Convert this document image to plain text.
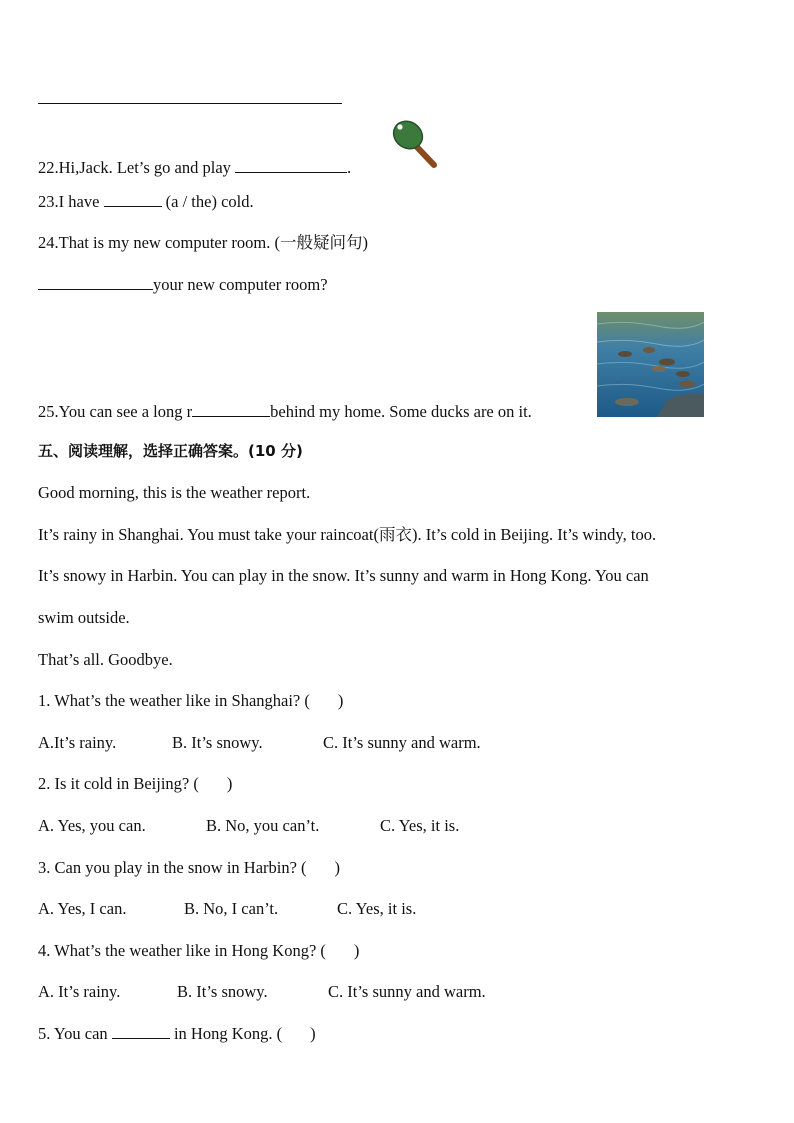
22.Hi,Jack. Let’s go and play	.
23.I have	(a / the) cold.
24.That is my new computer room. (一般疑问句)
your new computer room?
25.You can see a long r	behind my home. Some ducks are on it.
五、阅读理解，选择正确答案。(10 分)
Good morning, this is the weather report.
It’s rainy in Shanghai. You must take your raincoat(雨衣). It’s cold in Beijing. It’s windy, too.
It’s snowy in Harbin. You can play in the snow. It’s sunny and warm in Hong Kong. You can
swim outside.
That’s all. Goodbye.
1. What’s the weather like in Shanghai? ( )
A.It’s rainy.	B. It’s snowy.	C. It’s sunny and warm.
2. Is it cold in Beijing? ( )
A. Yes, you can.	B. No, you can’t.	C. Yes, it is.
3. Can you play in the snow in Harbin? ( )
A. Yes, I can.	B. No, I can’t.	C. Yes, it is.
4. What’s the weather like in Hong Kong? ( )
A. It’s rainy.	B. It’s snowy.	C. It’s sunny and warm.
5. You can	in Hong Kong. ( )
